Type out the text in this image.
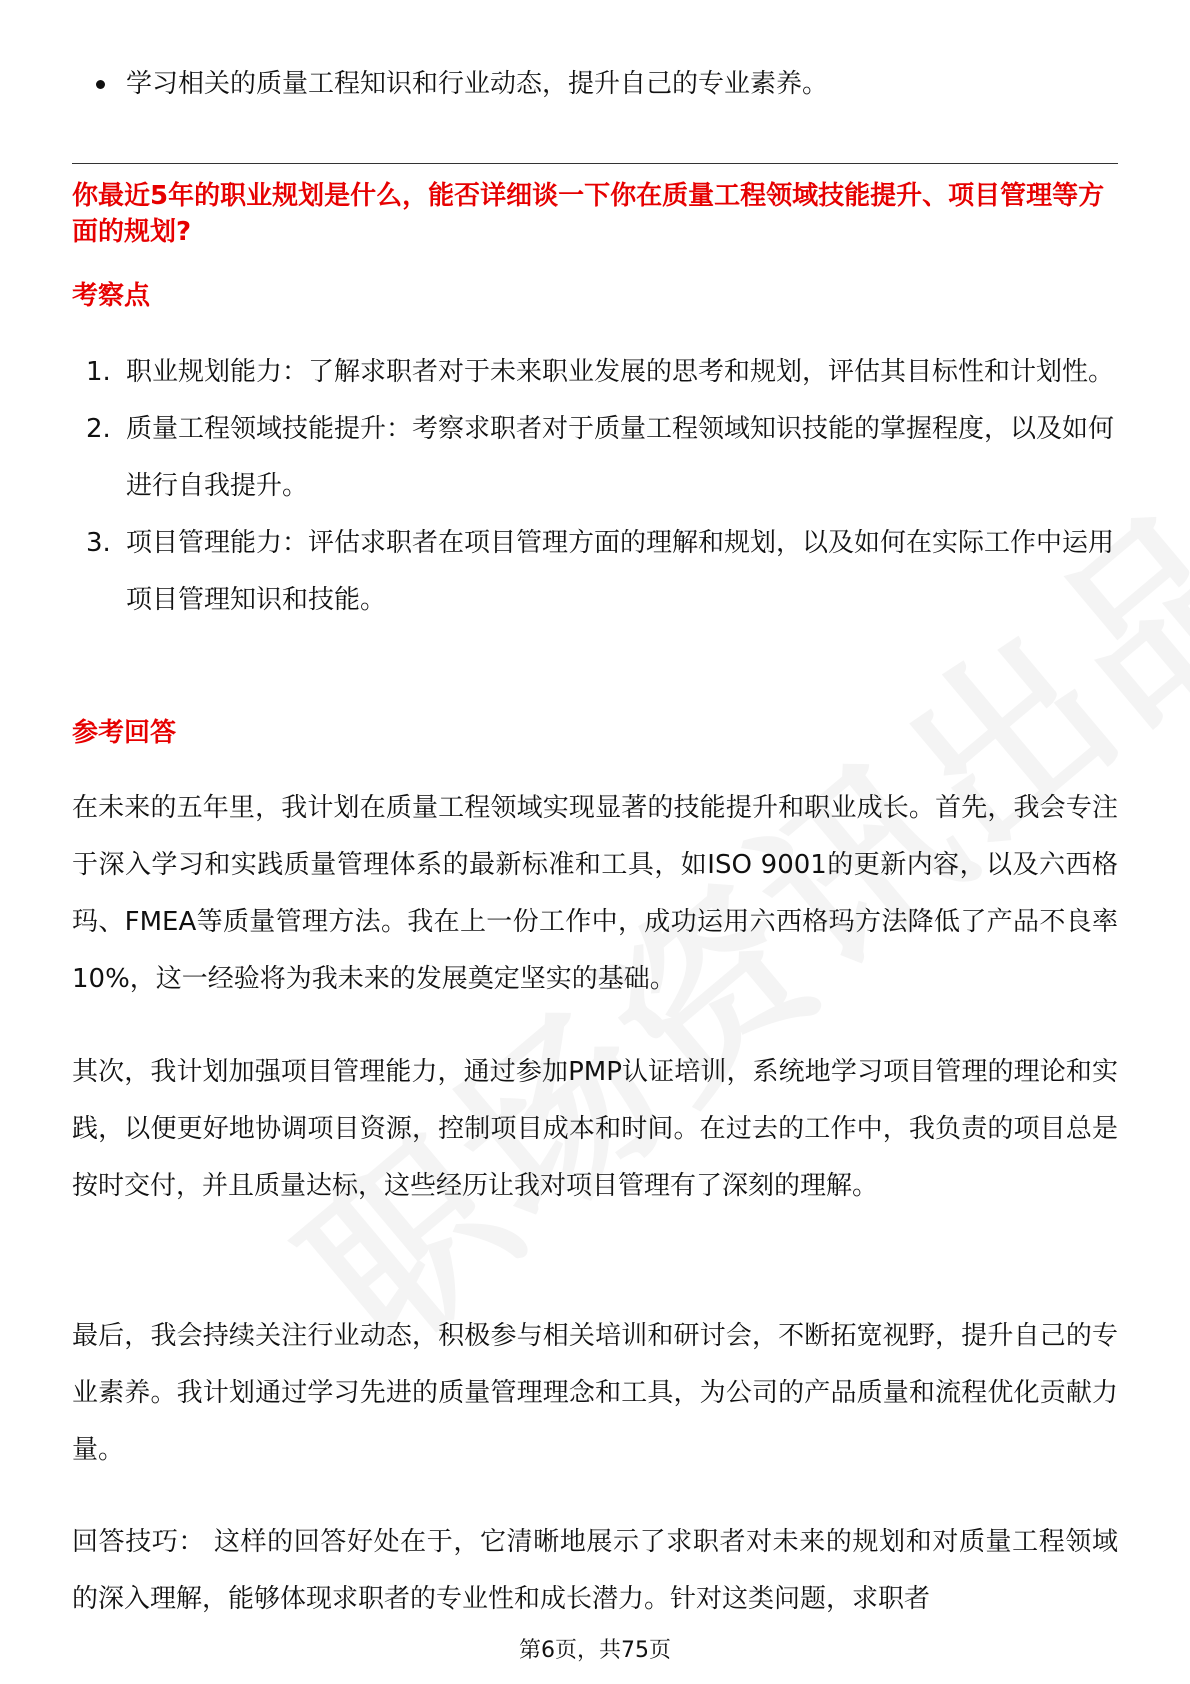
学习相关的质量工程知识和行业动态，提升自己的专业素养。
你最近5年的职业规划是什么，能否详细谈一下你在质量工程领域技能提升、项目管理等方面的规划?
考察点
1. 职业规划能力：了解求职者对于未来职业发展的思考和规划，评估其目标性和计划性。
2. 质量工程领域技能提升：考察求职者对于质量工程领域知识技能的掌握程度，以及如何进行自我提升。
3. 项目管理能力：评估求职者在项目管理方面的理解和规划，以及如何在实际工作中运用项目管理知识和技能。
参考回答

在未来的五年里，我计划在质量工程领域实现显著的技能提升和职业成长。首先，我会专注于深入学习和实践质量管理体系的最新标准和工具，如ISO 9001的更新内容，以及六西格玛、FMEA等质量管理方法。我在上一份工作中，成功运用六西格玛方法降低了产品不良率10%，这一经验将为我未来的发展奠定坚实的基础。

其次，我计划加强项目管理能力，通过参加PMP认证培训，系统地学习项目管理的理论和实践，以便更好地协调项目资源，控制项目成本和时间。在过去的工作中，我负责的项目总是按时交付，并且质量达标，这些经历让我对项目管理有了深刻的理解。

最后，我会持续关注行业动态，积极参与相关培训和研讨会，不断拓宽视野，提升自己的专业素养。我计划通过学习先进的质量管理理念和工具，为公司的产品质量和流程优化贡献力量。

回答技巧： 这样的回答好处在于，它清晰地展示了求职者对未来的规划和对质量工程领域的深入理解，能够体现求职者的专业性和成长潜力。针对这类问题，求职者

第6页，共75页
